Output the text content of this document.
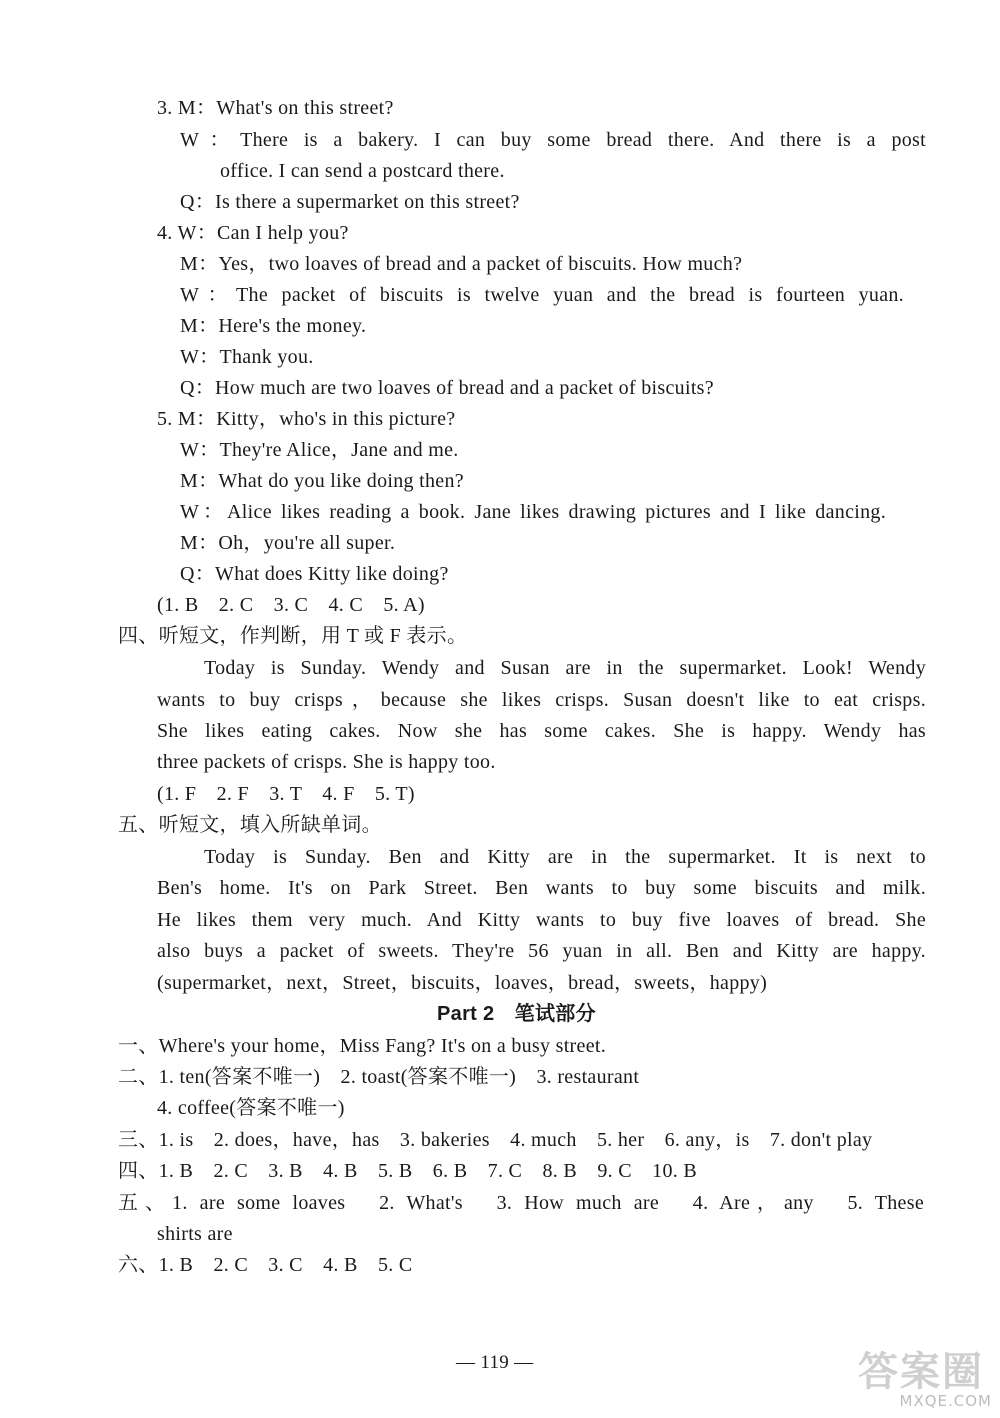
3. M：What's on this street?
W：There is a bakery. I can buy some bread there. And there is a post
office. I can send a postcard there.
Q：Is there a supermarket on this street?
4. W：Can I help you?
M：Yes，two loaves of bread and a packet of biscuits. How much?
W：The packet of biscuits is twelve yuan and the bread is fourteen yuan.
M：Here's the money.
W：Thank you.
Q：How much are two loaves of bread and a packet of biscuits?
5. M：Kitty，who's in this picture?
W：They're Alice，Jane and me.
M：What do you like doing then?
W：Alice likes reading a book. Jane likes drawing pictures and I like dancing.
M：Oh，you're all super.
Q：What does Kitty like doing?
(1. B　2. C　3. C　4. C　5. A)
四、听短文，作判断，用 T 或 F 表示。
Today is Sunday. Wendy and Susan are in the supermarket. Look! Wendy
wants to buy crisps，because she likes crisps. Susan doesn't like to eat crisps.
She likes eating cakes. Now she has some cakes. She is happy. Wendy has
three packets of crisps. She is happy too.
(1. F　2. F　3. T　4. F　5. T)
五、听短文，填入所缺单词。
Today is Sunday. Ben and Kitty are in the supermarket. It is next to
Ben's home. It's on Park Street. Ben wants to buy some biscuits and milk.
He likes them very much. And Kitty wants to buy five loaves of bread. She
also buys a packet of sweets. They're 56 yuan in all. Ben and Kitty are happy.
(supermarket，next，Street，biscuits，loaves，bread，sweets，happy)
Part 2　笔试部分
一、Where's your home，Miss Fang? It's on a busy street.
二、1. ten(答案不唯一)　2. toast(答案不唯一)　3. restaurant
4. coffee(答案不唯一)
三、1. is　2. does，have，has　3. bakeries　4. much　5. her　6. any，is　7. don't play
四、1. B　2. C　3. B　4. B　5. B　6. B　7. C　8. B　9. C　10. B
五、1. are some loaves　2. What's　3. How much are　4. Are，any　5. These
shirts are
六、1. B　2. C　3. C　4. B　5. C
— 119 —	答案圈
MXQE.COM
